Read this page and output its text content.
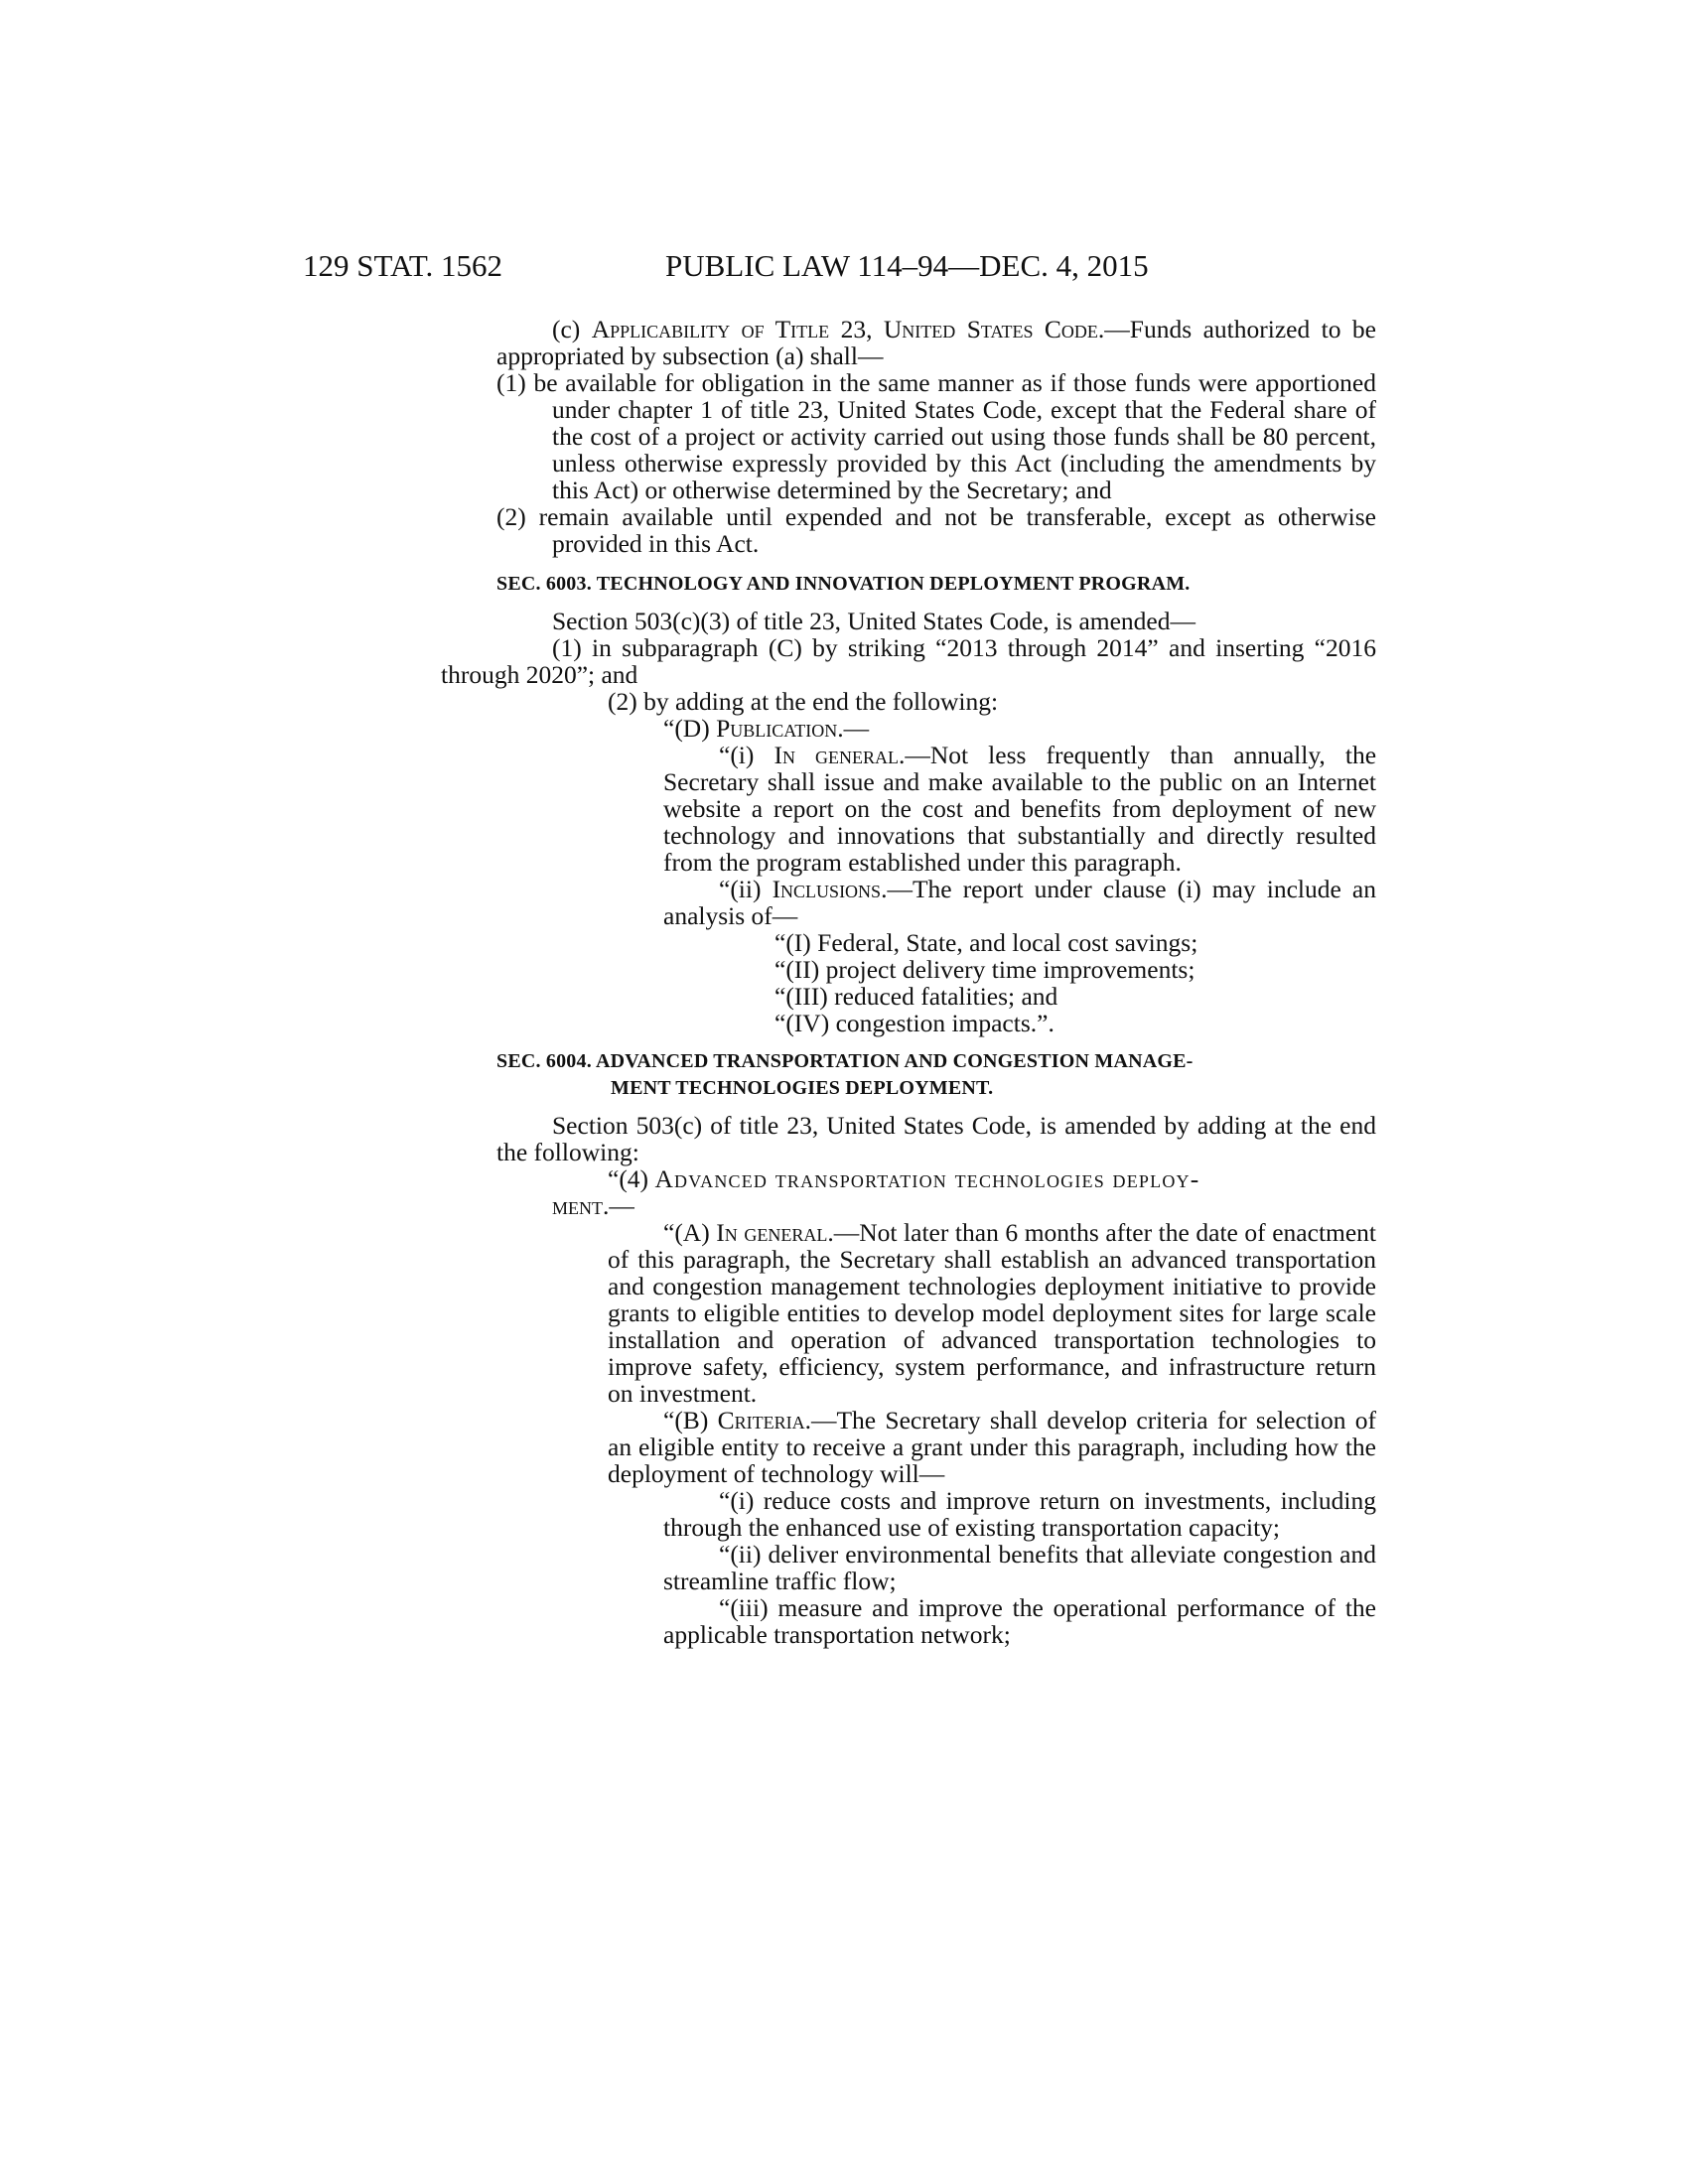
129 STAT. 1562	PUBLIC LAW 114–94—DEC. 4, 2015

(c) Applicability of Title 23, United States Code.—Funds authorized to be appropriated by subsection (a) shall—

(1) be available for obligation in the same manner as if those funds were apportioned under chapter 1 of title 23, United States Code, except that the Federal share of the cost of a project or activity carried out using those funds shall be 80 percent, unless otherwise expressly provided by this Act (including the amendments by this Act) or otherwise determined by the Secretary; and

(2) remain available until expended and not be transferable, except as otherwise provided in this Act.

SEC. 6003. TECHNOLOGY AND INNOVATION DEPLOYMENT PROGRAM.

Section 503(c)(3) of title 23, United States Code, is amended—

(1) in subparagraph (C) by striking “2013 through 2014” and inserting “2016 through 2020”; and

(2) by adding at the end the following:

“(D) Publication.—

“(i) In general.—Not less frequently than annually, the Secretary shall issue and make available to the public on an Internet website a report on the cost and benefits from deployment of new technology and innovations that substantially and directly resulted from the program established under this paragraph.

“(ii) Inclusions.—The report under clause (i) may include an analysis of—

“(I) Federal, State, and local cost savings;
“(II) project delivery time improvements;
“(III) reduced fatalities; and
“(IV) congestion impacts.”.
SEC. 6004. ADVANCED TRANSPORTATION AND CONGESTION MANAGE-
MENT TECHNOLOGIES DEPLOYMENT.

Section 503(c) of title 23, United States Code, is amended by adding at the end the following:

“(4) Advanced transportation technologies deploy-
ment.—

“(A) In general.—Not later than 6 months after the date of enactment of this paragraph, the Secretary shall establish an advanced transportation and congestion management technologies deployment initiative to provide grants to eligible entities to develop model deployment sites for large scale installation and operation of advanced transportation technologies to improve safety, efficiency, system performance, and infrastructure return on investment.

“(B) Criteria.—The Secretary shall develop criteria for selection of an eligible entity to receive a grant under this paragraph, including how the deployment of technology will—

“(i) reduce costs and improve return on investments, including through the enhanced use of existing transportation capacity;

“(ii) deliver environmental benefits that alleviate congestion and streamline traffic flow;

“(iii) measure and improve the operational performance of the applicable transportation network;
